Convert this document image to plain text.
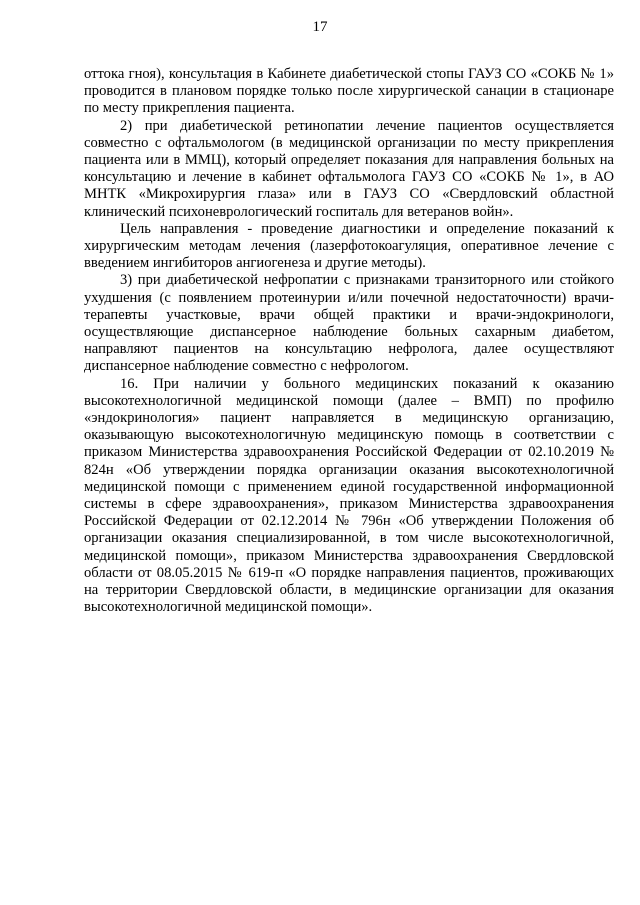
17

оттока гноя), консультация в Кабинете диабетической стопы ГАУЗ СО «СОКБ № 1» проводится в плановом порядке только после хирургической санации в стационаре по месту прикрепления пациента.

2) при диабетической ретинопатии лечение пациентов осуществляется совместно с офтальмологом (в медицинской организации по месту прикрепления пациента или в ММЦ), который определяет показания для направления больных на консультацию и лечение в кабинет офтальмолога ГАУЗ СО «СОКБ № 1», в АО МНТК «Микрохирургия глаза» или в ГАУЗ СО «Свердловский областной клинический психоневрологический госпиталь для ветеранов войн».

Цель направления - проведение диагностики и определение показаний к хирургическим методам лечения (лазерфотокоагуляция, оперативное лечение с введением ингибиторов ангиогенеза и другие методы).

3) при диабетической нефропатии с признаками транзиторного или стойкого ухудшения (с появлением протеинурии и/или почечной недостаточности) врачи-терапевты участковые, врачи общей практики и врачи-эндокринологи, осуществляющие диспансерное наблюдение больных сахарным диабетом, направляют пациентов на консультацию нефролога, далее осуществляют диспансерное наблюдение совместно с нефрологом.

16. При наличии у больного медицинских показаний к оказанию высокотехнологичной медицинской помощи (далее – ВМП) по профилю «эндокринология» пациент направляется в медицинскую организацию, оказывающую высокотехнологичную медицинскую помощь в соответствии с приказом Министерства здравоохранения Российской Федерации от 02.10.2019 № 824н «Об утверждении порядка организации оказания высокотехнологичной медицинской помощи с применением единой государственной информационной системы в сфере здравоохранения», приказом Министерства здравоохранения Российской Федерации от 02.12.2014 № 796н «Об утверждении Положения об организации оказания специализированной, в том числе высокотехнологичной, медицинской помощи», приказом Министерства здравоохранения Свердловской области от 08.05.2015 № 619-п «О порядке направления пациентов, проживающих на территории Свердловской области, в медицинские организации для оказания высокотехнологичной медицинской помощи».
